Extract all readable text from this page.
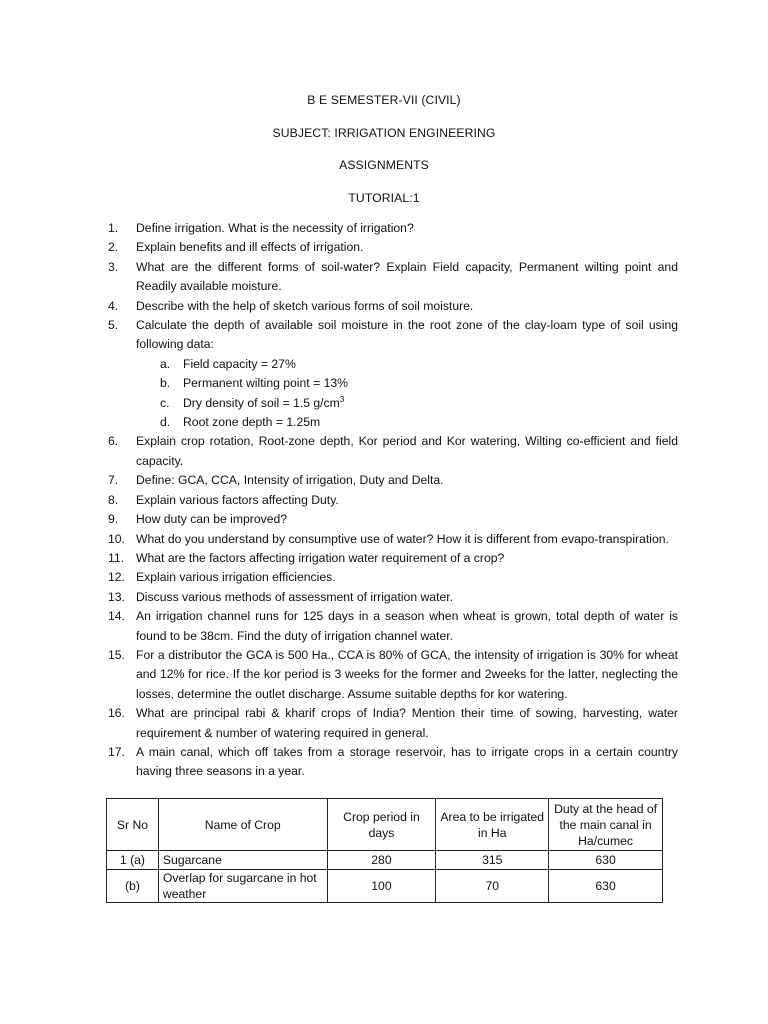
B E SEMESTER-VII (CIVIL)
SUBJECT: IRRIGATION ENGINEERING
ASSIGNMENTS
TUTORIAL:1
1.	Define irrigation. What is the necessity of irrigation?
2.	Explain benefits and ill effects of irrigation.
3.	What are the different forms of soil-water? Explain Field capacity, Permanent wilting point and Readily available moisture.
4.	Describe with the help of sketch various forms of soil moisture.
5.	Calculate the depth of available soil moisture in the root zone of the clay-loam type of soil using following data:
a.	Field capacity = 27%
b.	Permanent wilting point = 13%
c.	Dry density of soil = 1.5 $g/cm^3$
d.	Root zone depth = 1.25m
6.	Explain crop rotation, Root-zone depth, Kor period and Kor watering, Wilting co-efficient and field capacity.
7.	Define: GCA, CCA, Intensity of irrigation, Duty and Delta.
8.	Explain various factors affecting Duty.
9.	How duty can be improved?
10. What do you understand by consumptive use of water? How it is different from evapo-transpiration.
11. What are the factors affecting irrigation water requirement of a crop?
12. Explain various irrigation efficiencies.
13. Discuss various methods of assessment of irrigation water.
14. An irrigation channel runs for 125 days in a season when wheat is grown, total depth of water is found to be 38cm. Find the duty of irrigation channel water.
15. For a distributor the GCA is 500 Ha., CCA is 80% of GCA, the intensity of irrigation is 30% for wheat and 12% for rice. If the kor period is 3 weeks for the former and 2weeks for the latter, neglecting the losses, determine the outlet discharge. Assume suitable depths for kor watering.
16. What are principal rabi & kharif crops of India? Mention their time of sowing, harvesting, water requirement & number of watering required in general.
17. A main canal, which off takes from a storage reservoir, has to irrigate crops in a certain country having three seasons in a year.
Sr No	Name of Crop	Crop period in days	Area to be irrigated in Ha	Duty at the head of the main canal in Ha/cumec
1 (a)	Sugarcane	280	315	630
(b)	Overlap for sugarcane in hot weather	100	70	630
